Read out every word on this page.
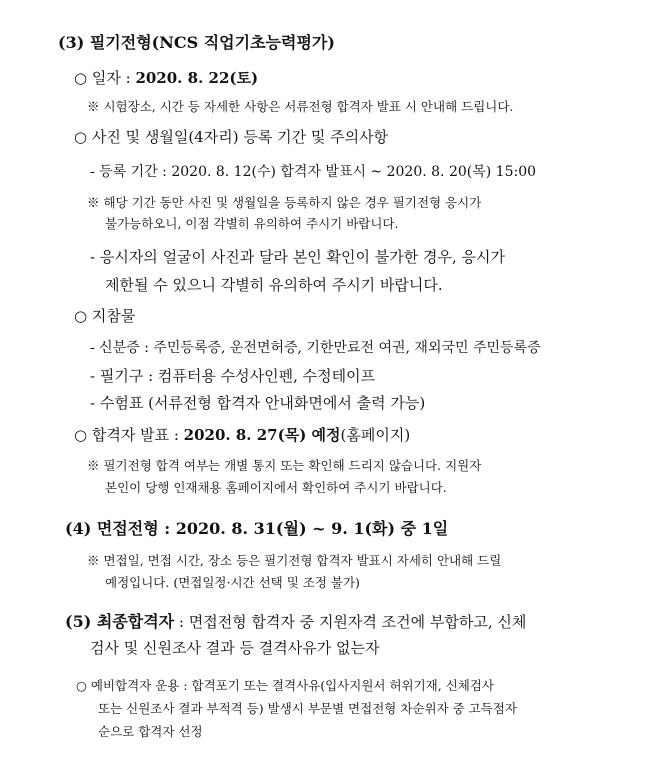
(3) 필기전형(NCS 직업기초능력평가)
○ 일자 : 2020. 8. 22(토)
※ 시험장소, 시간 등 자세한 사항은 서류전형 합격자 발표 시 안내해 드립니다.
○ 사진 및 생월일(4자리) 등록 기간 및 주의사항
- 등록 기간 : 2020. 8. 12(수) 합격자 발표시 ~ 2020. 8. 20(목) 15:00
※ 해당 기간 동안 사진 및 생월일을 등록하지 않은 경우 필기전형 응시가
불가능하오니, 이점 각별히 유의하여 주시기 바랍니다.
- 응시자의 얼굴이 사진과 달라 본인 확인이 불가한 경우, 응시가
제한될 수 있으니 각별히 유의하여 주시기 바랍니다.
○ 지참물
- 신분증 : 주민등록증, 운전면허증, 기한만료전 여권, 재외국민 주민등록증
- 필기구 : 컴퓨터용 수성사인펜, 수정테이프
- 수험표 (서류전형 합격자 안내화면에서 출력 가능)
○ 합격자 발표 : 2020. 8. 27(목) 예정(홈페이지)
※ 필기전형 합격 여부는 개별 통지 또는 확인해 드리지 않습니다. 지원자
본인이 당행 인재채용 홈페이지에서 확인하여 주시기 바랍니다.
(4) 면접전형 : 2020. 8. 31(월) ~ 9. 1(화) 중 1일
※ 면접일, 면접 시간, 장소 등은 필기전형 합격자 발표시 자세히 안내해 드릴
예정입니다. (면접일정·시간 선택 및 조정 불가)
(5) 최종합격자 : 면접전형 합격자 중 지원자격 조건에 부합하고, 신체
검사 및 신원조사 결과 등 결격사유가 없는자
○ 예비합격자 운용 : 합격포기 또는 결격사유(입사지원서 허위기재, 신체검사
또는 신원조사 결과 부적격 등) 발생시 부문별 면접전형 차순위자 중 고득점자
순으로 합격자 선정
